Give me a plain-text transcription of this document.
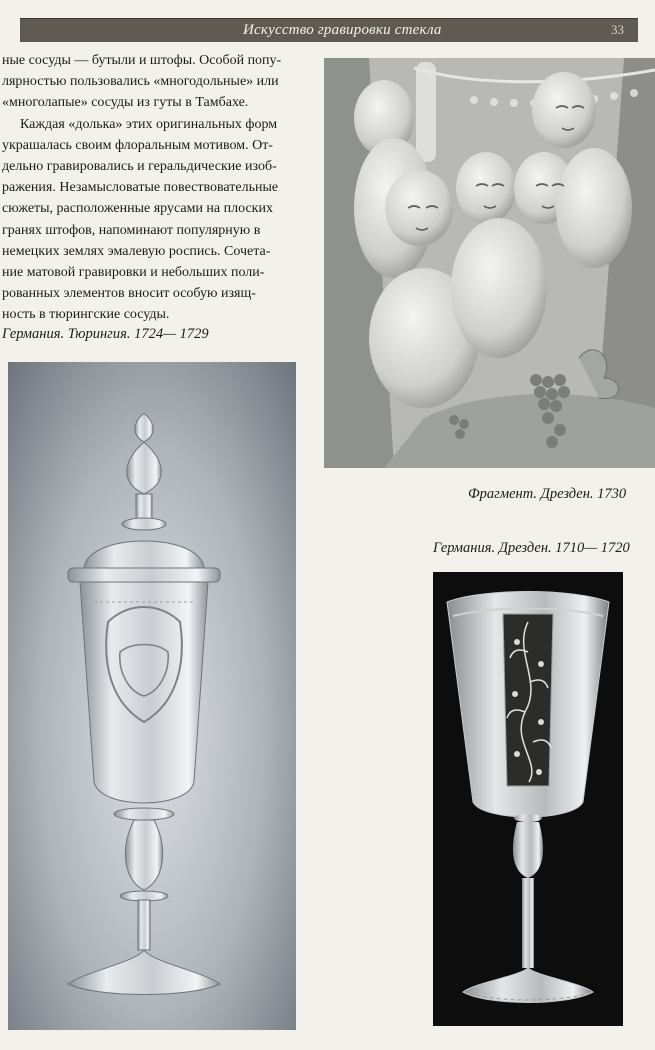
Искусство гравировки стекла	33

ные сосуды — бутыли и штофы. Особой попу-
лярностью пользовались «многодольные» или
«многолапые» сосуды из гуты в Тамбахе.

Каждая «долька» этих оригинальных форм
украшалась своим флоральным мотивом. От-
дельно гравировались и геральдические изоб-
ражения. Незамысловатые повествовательные
сюжеты, расположенные ярусами на плоских
гранях штофов, напоминают популярную в
немецких землях эмалевую роспись. Сочета-
ние матовой гравировки и небольших поли-
рованных элементов вносит особую изящ-
ность в тюрингские сосуды.

Германия. Тюрингия. 1724— 1729
Фрагмент. Дрезден. 1730
Германия. Дрезден. 1710— 1720
